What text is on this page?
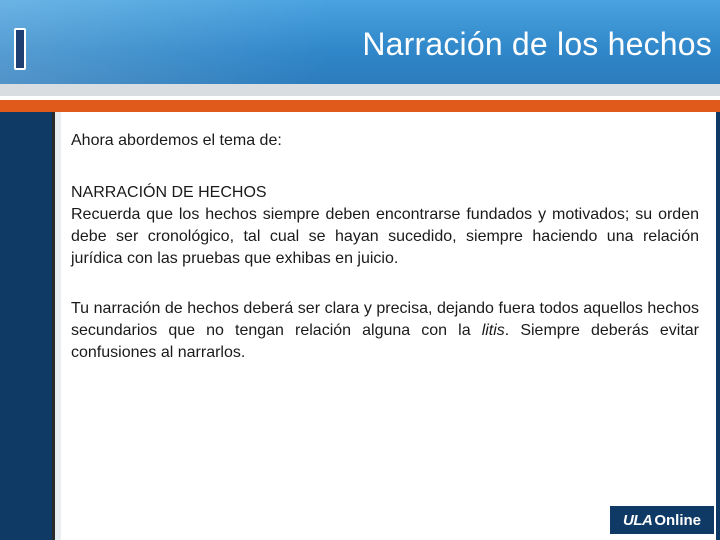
Narración de los hechos

Ahora abordemos el tema de:

NARRACIÓN DE HECHOS

Recuerda que los hechos siempre deben encontrarse fundados y motivados; su orden debe ser cronológico, tal cual se hayan sucedido, siempre haciendo una relación jurídica con las pruebas que exhibas en juicio.

Tu narración de hechos deberá ser clara y precisa, dejando fuera todos aquellos hechos secundarios que no tengan relación alguna con la litis. Siempre deberás evitar confusiones al narrarlos.

ULA Online
